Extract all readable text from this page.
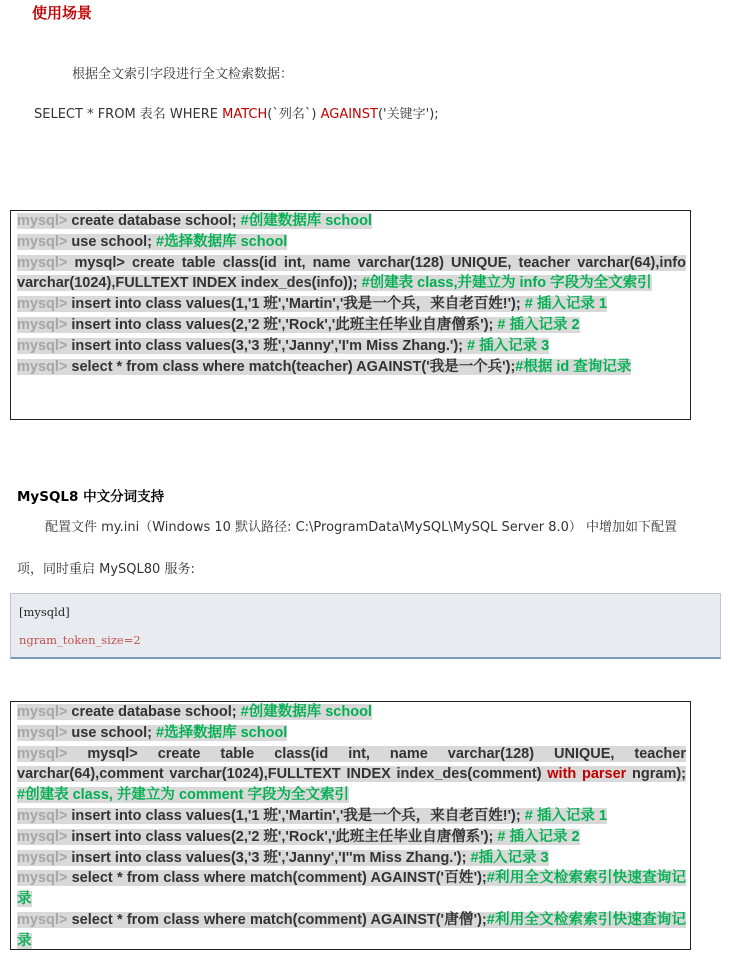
使用场景
根据全文索引字段进行全文检索数据：
SELECT * FROM 表名 WHERE MATCH(`列名`) AGAINST('关键字');
mysql> create database school; #创建数据库 school
mysql> use school; #选择数据库 school
mysql> mysql> create table class(id int, name varchar(128) UNIQUE, teacher varchar(64),info varchar(1024),FULLTEXT INDEX index_des(info)); #创建表 class,并建立为 info 字段为全文索引
mysql> insert into class values(1,'1 班','Martin','我是一个兵，来自老百姓!'); # 插入记录 1
mysql> insert into class values(2,'2 班','Rock','此班主任毕业自唐僧系'); # 插入记录 2
mysql> insert into class values(3,'3 班','Janny','I'm Miss Zhang.'); # 插入记录 3
mysql> select * from class where match(teacher) AGAINST('我是一个兵');#根据 id 查询记录
MySQL8 中文分词支持
配置文件 my.ini（Windows 10 默认路径: C:\ProgramData\MySQL\MySQL Server 8.0） 中增加如下配置
项，同时重启 MySQL80 服务:
[mysqld]
ngram_token_size=2
mysql> create database school; #创建数据库 school
mysql> use school; #选择数据库 school
mysql> mysql> create table class(id int, name varchar(128) UNIQUE, teacher varchar(64),comment varchar(1024),FULLTEXT INDEX index_des(comment) with parser ngram); #创建表 class, 并建立为 comment 字段为全文索引
mysql> insert into class values(1,'1 班','Martin','我是一个兵，来自老百姓!'); # 插入记录 1
mysql> insert into class values(2,'2 班','Rock','此班主任毕业自唐僧系'); # 插入记录 2
mysql> insert into class values(3,'3 班','Janny','I''m Miss Zhang.'); #插入记录 3
mysql> select * from class where match(comment) AGAINST('百姓');#利用全文检索索引快速查询记录
mysql> select * from class where match(comment) AGAINST('唐僧');#利用全文检索索引快速查询记录
